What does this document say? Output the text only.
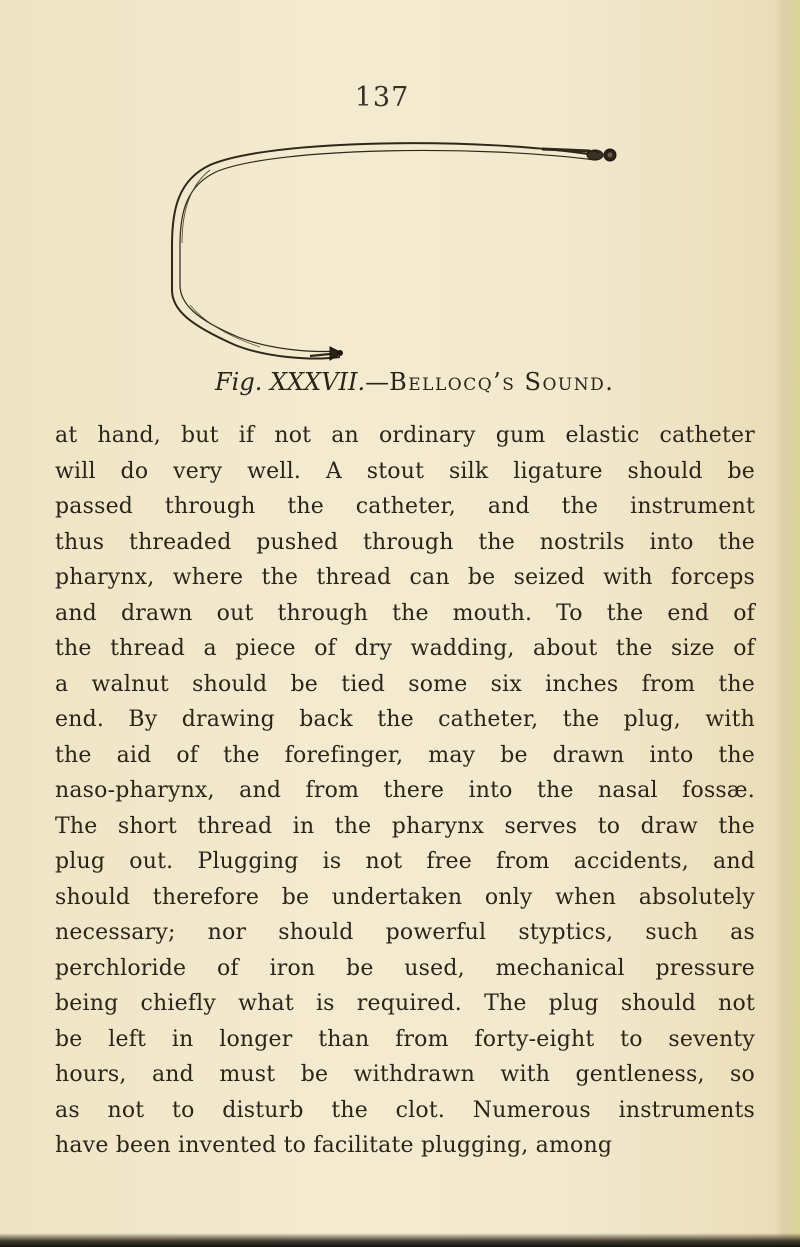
137
Fig. XXXVII.—Bellocq’s Sound.
at hand, but if not an ordinary gum elastic catheter
will do very well. A stout silk ligature should be
passed through the catheter, and the instrument
thus threaded pushed through the nostrils into the
pharynx, where the thread can be seized with forceps
and drawn out through the mouth. To the end of
the thread a piece of dry wadding, about the size of
a walnut should be tied some six inches from the
end. By drawing back the catheter, the plug, with
the aid of the forefinger, may be drawn into the
naso-pharynx, and from there into the nasal fossæ.
The short thread in the pharynx serves to draw the
plug out. Plugging is not free from accidents, and
should therefore be undertaken only when absolutely
necessary; nor should powerful styptics, such as
perchloride of iron be used, mechanical pressure
being chiefly what is required. The plug should not
be left in longer than from forty-eight to seventy
hours, and must be withdrawn with gentleness, so
as not to disturb the clot. Numerous instruments
have been invented to facilitate plugging, among
